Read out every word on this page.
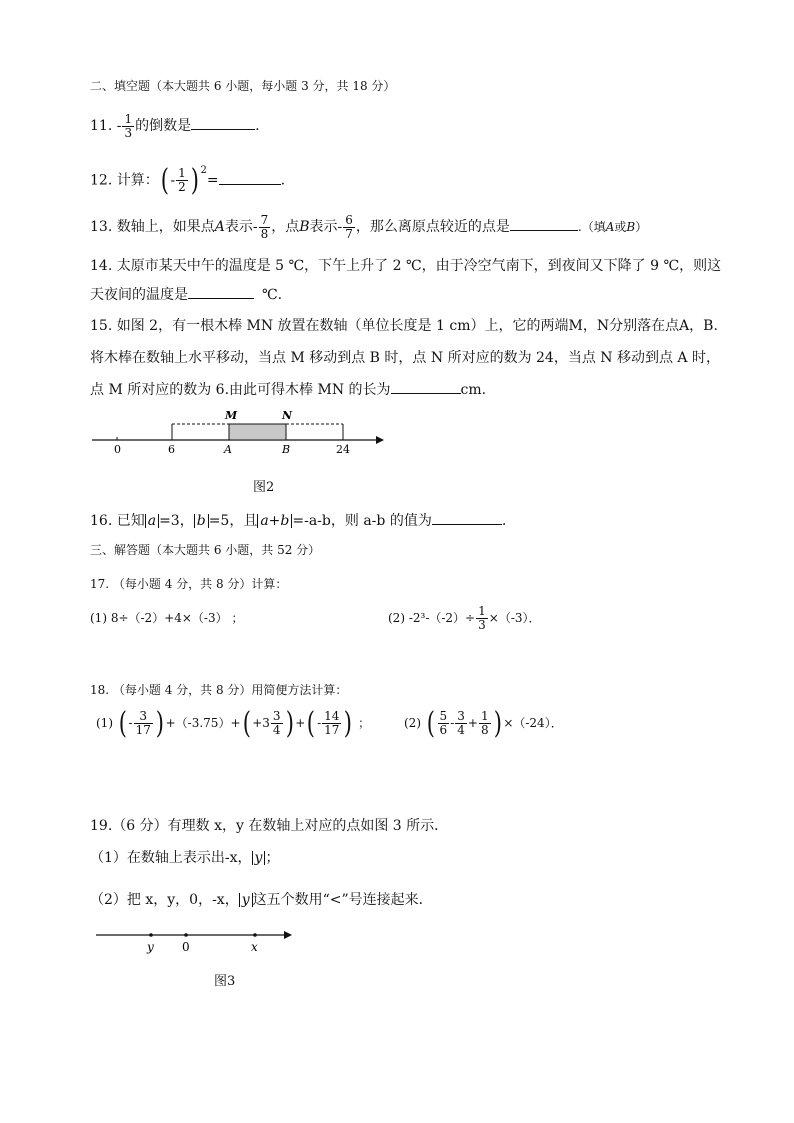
二、填空题（本大题共 6 小题，每小题 3 分，共 18 分）
11. - $\frac{1}{3}$ 的倒数是	.
12. 计算：( - $\frac{1}{2}$ ) $^2$=	.
13. 数轴上，如果点A表示- $\frac{7}{8}$ ，点B表示- $\frac{6}{7}$ ，那么离原点较近的点是	.（填A或B）
14. 太原市某天中午的温度是 5 ℃，下午上升了 2 ℃，由于冷空气南下，到夜间又下降了 9 ℃，则这
天夜间的温度是	℃.
15. 如图 2，有一根木棒 MN 放置在数轴（单位长度是 1 cm）上，它的两端M，N分别落在点A，B.
将木棒在数轴上水平移动，当点 M 移动到点 B 时，点 N 所对应的数为 24，当点 N 移动到点 A 时，
点 M 所对应的数为 6.由此可得木棒 MN 的长为	cm.
M	N
0	6	A	B	24
图2
16. 已知 a =3， b =5，且 a+b =-a-b，则 a-b 的值为	.
三、解答题（本大题共 6 小题，共 52 分）
17. （每小题 4 分，共 8 分）计算：
(1) 8÷（-2）+4×（-3） ；	(2) $-2^3-(-2)\div \frac{1}{3} \times(-3)$．
18. （每小题 4 分，共 8 分）用简便方法计算：
(1) ( - $\frac{3}{17}$ ) $+(-3.75)+( +3 \frac{3}{4}$ ) +( - $\frac{14}{17}$ ) ；	(2) ( $\frac{5}{6} - \frac{3}{4} + \frac{1}{8}$ ) ×（-24）．
19.（6 分）有理数 x，y 在数轴上对应的点如图 3 所示．
（1）在数轴上表示出-x， y ；
（2）把 x，y，0，-x， y 这五个数用“<”号连接起来．
y 0	x
图3
